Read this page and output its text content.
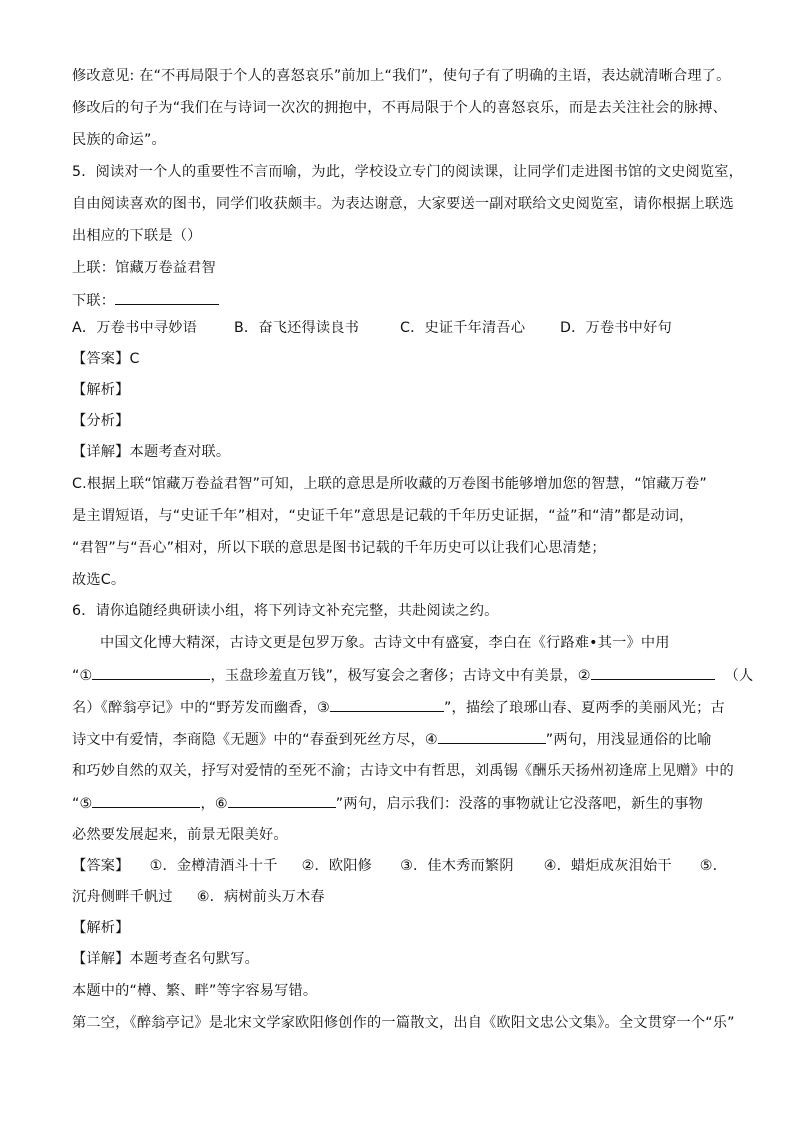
修改意见: 在“不再局限于个人的喜怒哀乐”前加上“我们”，使句子有了明确的主语，表达就清晰合理了。
修改后的句子为“我们在与诗词一次次的拥抱中，不再局限于个人的喜怒哀乐，而是去关注社会的脉搏、
民族的命运”。
5．阅读对一个人的重要性不言而喻，为此，学校设立专门的阅读课，让同学们走进图书馆的文史阅览室，
自由阅读喜欢的图书，同学们收获颇丰。为表达谢意，大家要送一副对联给文史阅览室，请你根据上联选
出相应的下联是（）
上联：馆藏万卷益君智
下联：
A．万卷书中寻妙语	B．奋飞还得读良书	C．史证千年清吾心 D．万卷书中好句
【答案】C
【解析】
【分析】
【详解】本题考查对联。
C.根据上联“馆藏万卷益君智”可知，上联的意思是所收藏的万卷图书能够增加您的智慧，“馆藏万卷”
是主谓短语，与“史证千年”相对，“史证千年”意思是记载的千年历史证据，“益”和“清”都是动词，
“君智”与“吾心”相对，所以下联的意思是图书记载的千年历史可以让我们心思清楚；
故选C。
6．请你追随经典研读小组，将下列诗文补充完整，共赴阅读之约。
中国文化博大精深，古诗文更是包罗万象。古诗文中有盛宴，李白在《行路难•其一》中用
“①	，玉盘珍羞直万钱”，极写宴会之奢侈；古诗文中有美景，②	（人
名）《醉翁亭记》中的“野芳发而幽香，③	”，描绘了琅琊山春、夏两季的美丽风光；古
诗文中有爱情，李商隐《无题》中的“春蚕到死丝方尽，④	”两句，用浅显通俗的比喻
和巧妙自然的双关，抒写对爱情的至死不渝；古诗文中有哲思，刘禹锡《酬乐天扬州初逢席上见赠》中的
“⑤	，⑥	”两句，启示我们：没落的事物就让它没落吧，新生的事物
必然要发展起来，前景无限美好。
【答案】 ①．金樽清酒斗十千 ②．欧阳修 ③．佳木秀而繁阴 ④．蜡炬成灰泪始干 ⑤．
沉舟侧畔千帆过 ⑥．病树前头万木春
【解析】
【详解】本题考查名句默写。
本题中的“樽、繁、畔”等字容易写错。
第二空，《醉翁亭记》是北宋文学家欧阳修创作的一篇散文，出自《欧阳文忠公文集》。全文贯穿一个“乐”
